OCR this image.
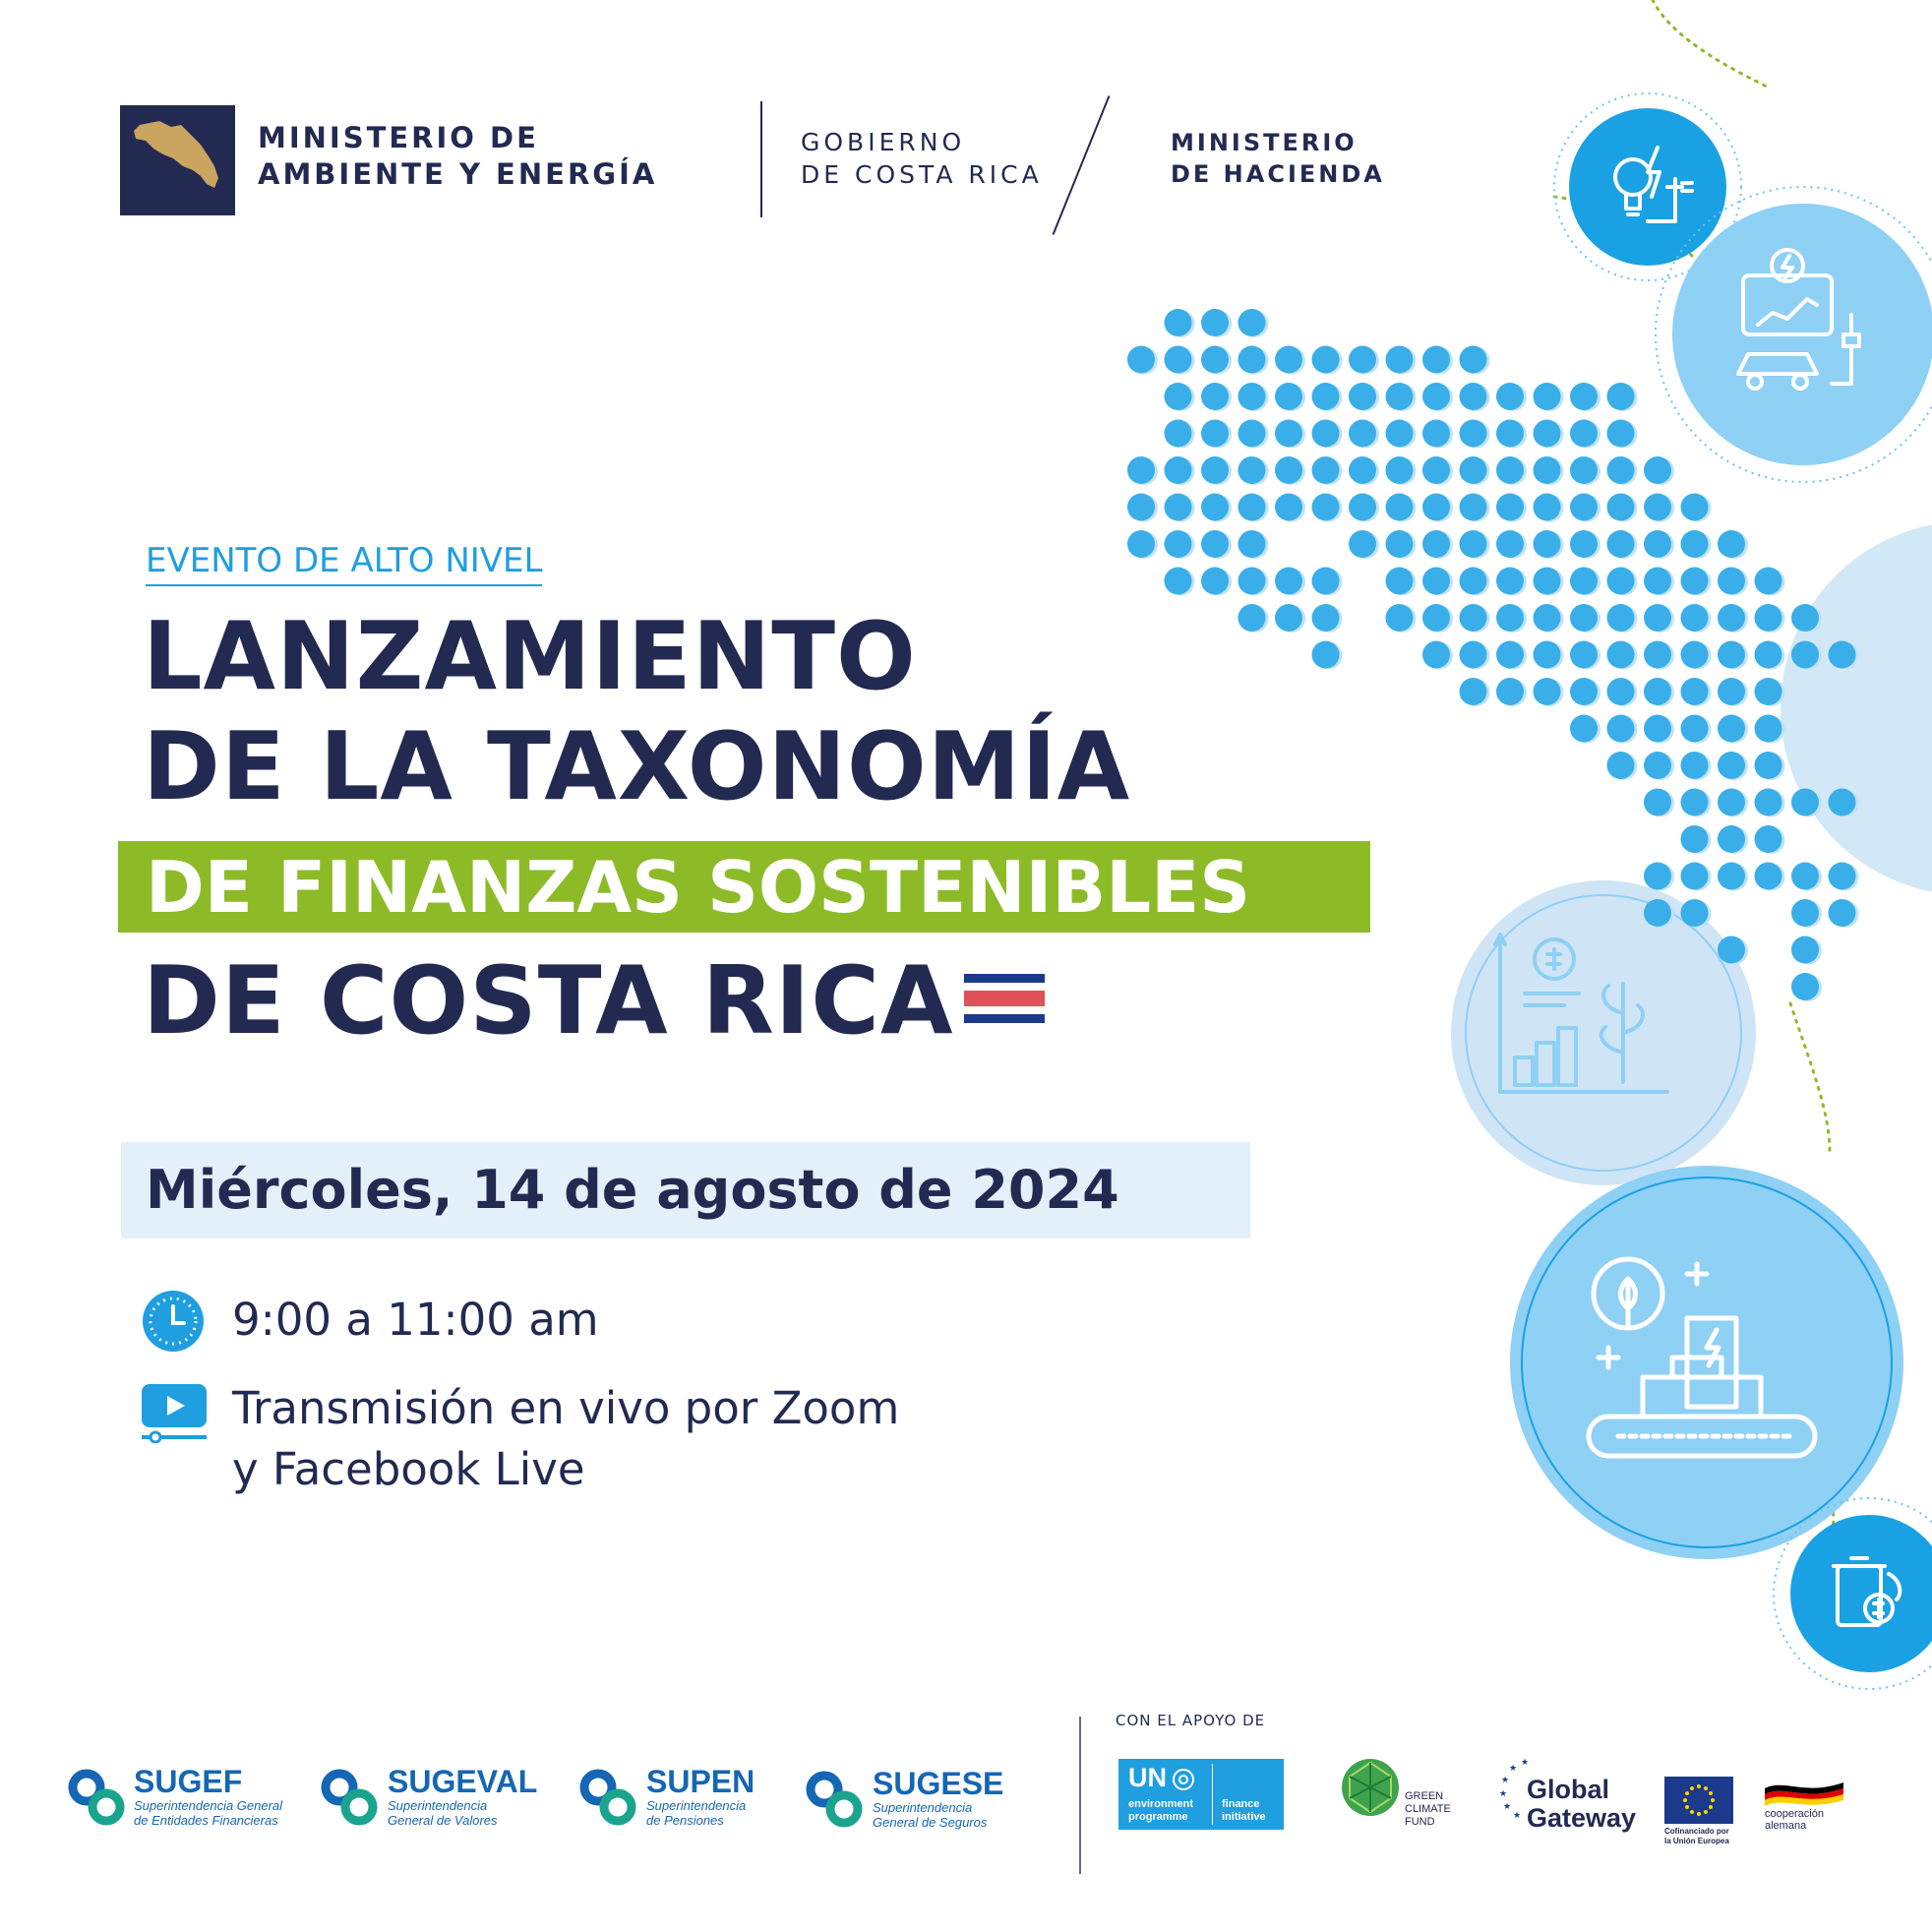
MINISTERIO DE
AMBIENTE Y ENERGÍA
GOBIERNO
DE COSTA RICA
MINISTERIO
DE HACIENDA
EVENTO DE ALTO NIVEL
LANZAMIENTO
DE LA TAXONOMÍA
DE FINANZAS SOSTENIBLES
DE COSTA RICA
Miércoles, 14 de agosto de 2024
9:00 a 11:00 am
Transmisión en vivo por Zoom
y Facebook Live
SUGEF
Superintendencia General
de Entidades Financieras
SUGEVAL
Superintendencia
General de Valores
SUPEN
Superintendencia
de Pensiones
SUGESE
Superintendencia
General de Seguros
CON EL APOYO DE
UN
environment
programme
finance
initiative
GREEN
CLIMATE
FUND
★
★
★
★
★
★
Global
Gateway	Cofinanciado por
la Unión Europea
cooperación
alemana
